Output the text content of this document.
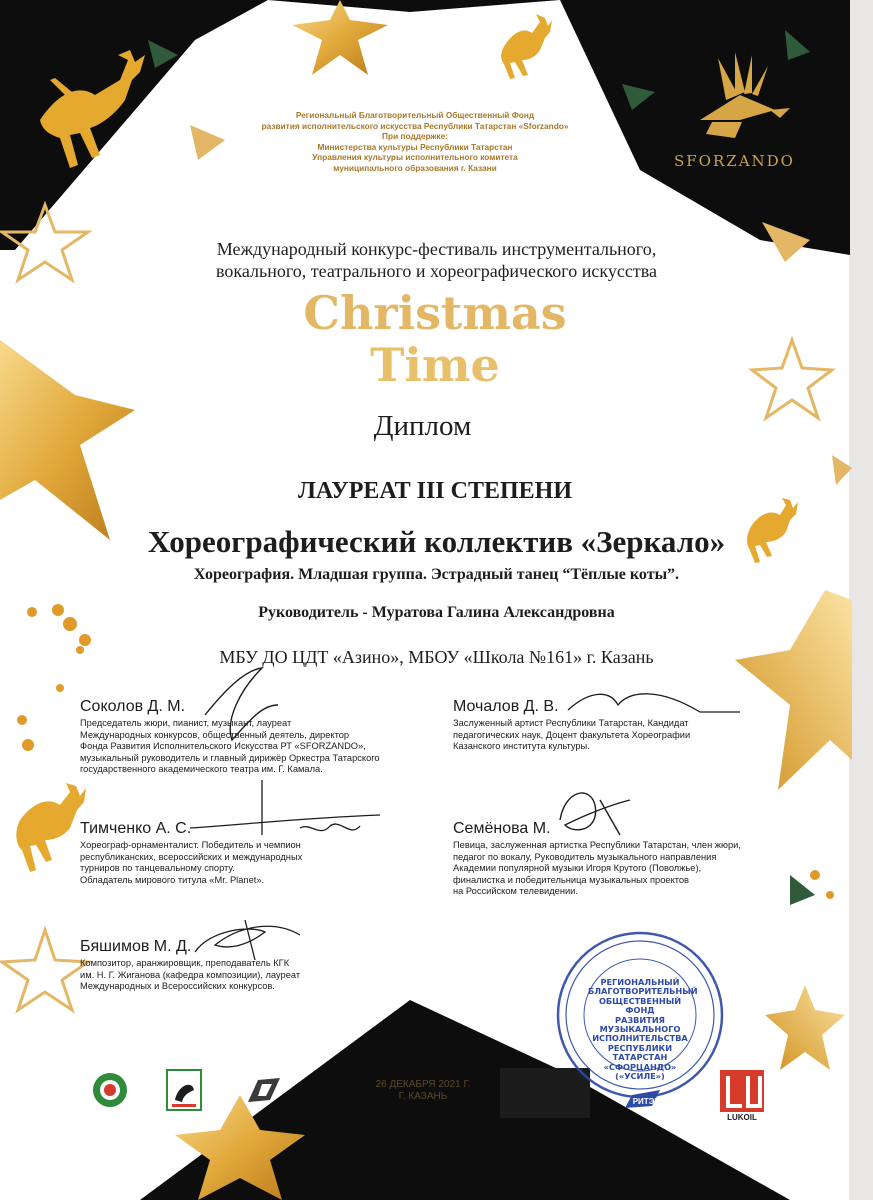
Региональный Благотворительный Общественный Фонд
развития исполнительского искусства Республики Татарстан «Sforzando»
При поддержке:
Министерства культуры Республики Татарстан
Управления культуры исполнительного комитета
муниципального образования г. Казани	SFORZANDO
Международный конкурс-фестиваль инструментального,
вокального, театрального и хореографического искусства
Christmas
Time
Диплом
ЛАУРЕАТ III СТЕПЕНИ
Хореографический коллектив «Зеркало»
Хореография. Младшая группа. Эстрадный танец “Тёплые коты”.
Руководитель - Муратова Галина Александровна
МБУ ДО ЦДТ «Азино», МБОУ «Школа №161» г. Казань
Соколов Д. М.
Председатель жюри, пианист, музыкант, лауреат
Международных конкурсов, общественный деятель, директор
Фонда Развития Исполнительского Искусства РТ «SFORZANDO»,
музыкальный руководитель и главный дирижёр Оркестра Татарского
государственного академического театра им. Г. Камала.
Мочалов Д. В.
Заслуженный артист Республики Татарстан, Кандидат
педагогических наук, Доцент факультета Хореографии
Казанского института культуры.
Тимченко А. С.
Хореограф-орнаменталист. Победитель и чемпион
республиканских, всероссийских и международных
турниров по танцевальному спорту.
Обладатель мирового титула «Mr. Planet».
Семёнова М.
Певица, заслуженная артистка Республики Татарстан, член жюри,
педагог по вокалу, Руководитель музыкального направления
Академии популярной музыки Игоря Крутого (Поволжье),
финалистка и победительница музыкальных проектов
на Российском телевидении.
Бяшимов М. Д.
Композитор, аранжировщик, преподаватель КГК
им. Н. Г. Жиганова (кафедра композиции), лауреат
Международных и Всероссийских конкурсов.	РЕГИОНАЛЬНЫЙ
БЛАГОТВОРИТЕЛЬНЫЙ
ОБЩЕСТВЕННЫЙ ФОНД
РАЗВИТИЯ МУЗЫКАЛЬНОГО
ИСПОЛНИТЕЛЬСТВА
РЕСПУБЛИКИ ТАТАРСТАН
«СФОРЦАНДО»
(«УСИЛЕ»)
26 ДЕКАБРЯ 2021 Г.
Г. КАЗАНЬ
LUKOIL
РИТЭК
